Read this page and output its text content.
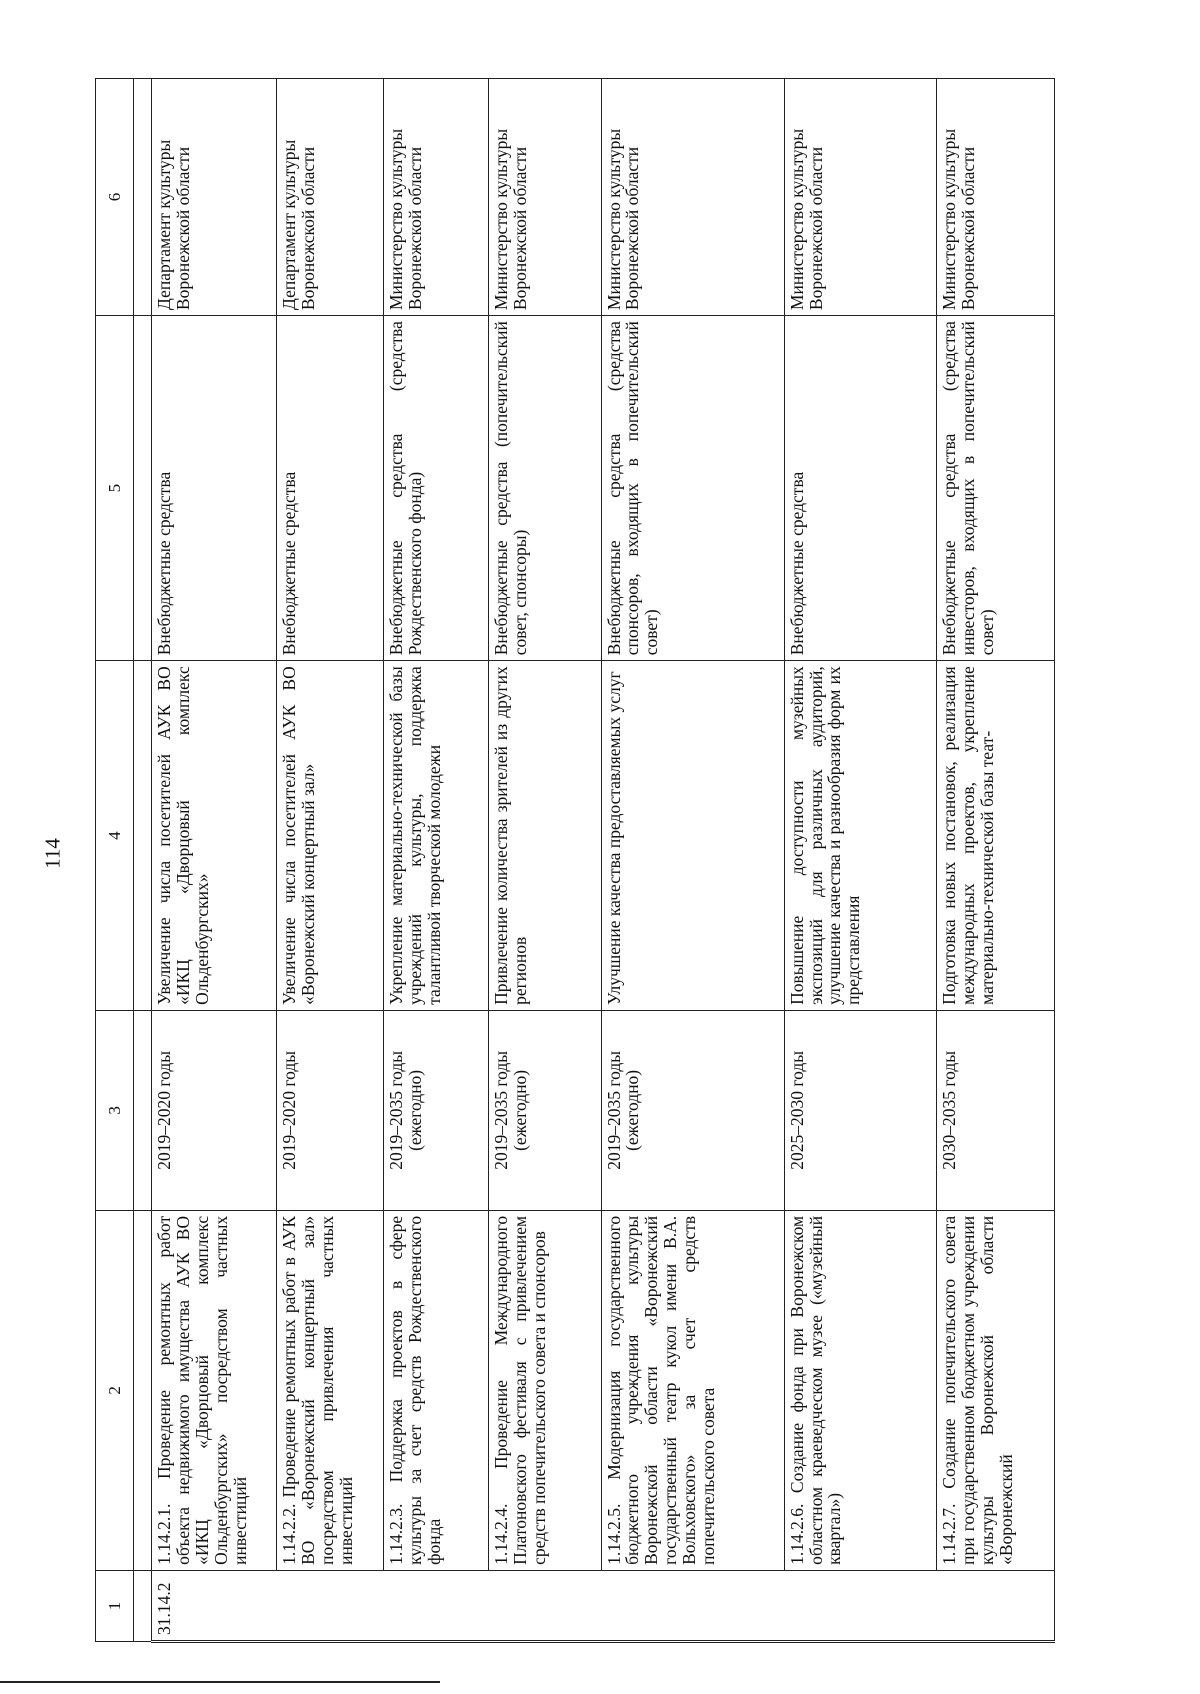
114
1	2	3	4	5	6

31.14.2	1.14.2.1. Проведение ремонтных работ объекта недвижимого имущества АУК ВО «ИКЦ «Дворцовый комплекс Ольденбургских» посредством частных инвестиций	2019–2020 годы	Увеличение числа посетителей АУК ВО «ИКЦ «Дворцовый комплекс Ольденбургских»	Внебюджетные средства	Департамент культуры Воронежской области
	1.14.2.2. Проведение ремонтных работ в АУК ВО «Воронежский концертный зал» посредством привлечения частных инвестиций	2019–2020 годы	Увеличение числа посетителей АУК ВО «Воронежский концертный зал»	Внебюджетные средства	Департамент культуры Воронежской области
	1.14.2.3. Поддержка проектов в сфере культуры за счет средств Рождественского фонда	2019–2035 годы (ежегодно)	Укрепление материально-технической базы учреждений культуры, поддержка талантливой творческой молодежи	Внебюджетные средства (средства Рождественского фонда)	Министерство культуры Воронежской области
	1.14.2.4. Проведение Международного Платоновского фестиваля с привлечением средств попечительского совета и спонсоров	2019–2035 годы (ежегодно)	Привлечение количества зрителей из других регионов	Внебюджетные средства (попечительский совет, спонсоры)	Министерство культуры Воронежской области
	1.14.2.5. Модернизация государственного бюджетного учреждения культуры Воронежской области «Воронежский государственный театр кукол имени В.А. Вольховского» за счет средств попечительского совета	2019–2035 годы (ежегодно)	Улучшение качества предоставляемых услуг	Внебюджетные средства (средства спонсоров, входящих в попечительский совет)	Министерство культуры Воронежской области
	1.14.2.6. Создание фонда при Воронежском областном краеведческом музее («музейный квартал»)	2025–2030 годы	Повышение доступности музейных экспозиций для различных аудиторий, улучшение качества и разнообразия форм их представления	Внебюджетные средства	Министерство культуры Воронежской области
	1.14.2.7. Создание попечительского совета при государственном бюджетном учреждении культуры Воронежской области «Воронежский	2030–2035 годы	Подготовка новых постановок, реализация международных проектов, укрепление материально-технической базы теат-	Внебюджетные средства (средства инвесторов, входящих в попечительский совет)	Министерство культуры Воронежской области
